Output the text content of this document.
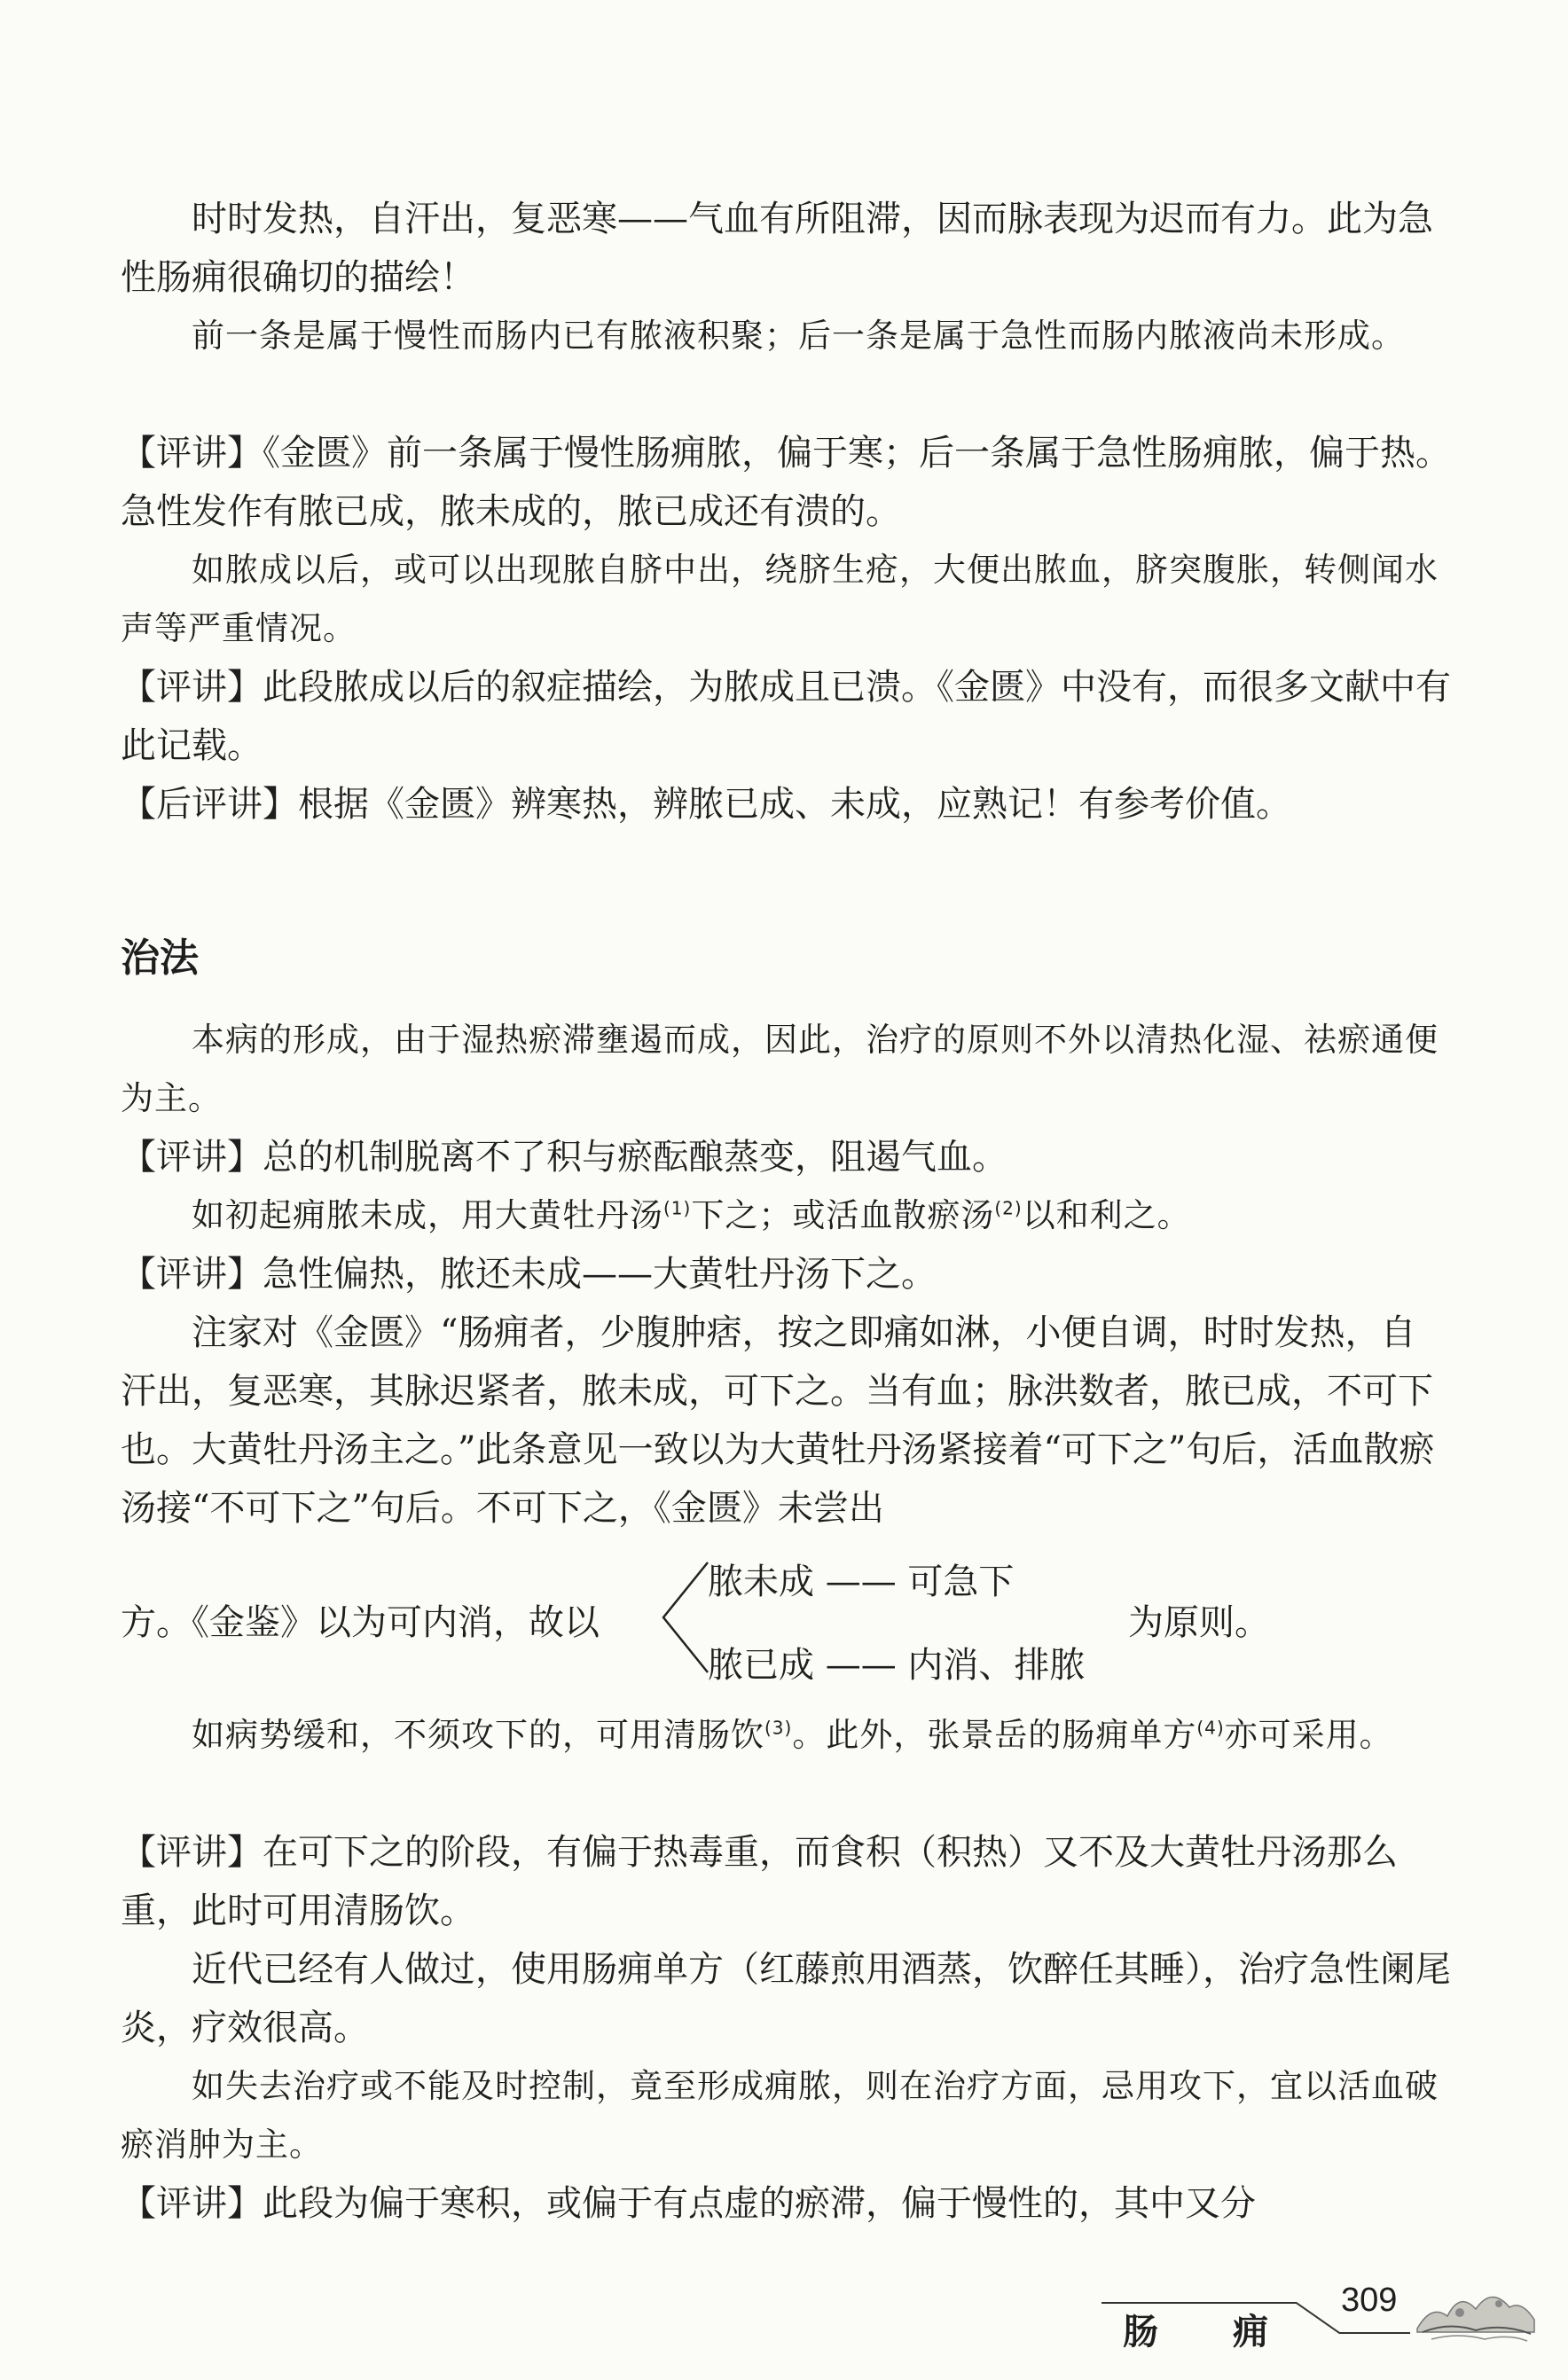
时时发热，自汗出，复恶寒——气血有所阻滞，因而脉表现为迟而有力。此为急性肠痈很确切的描绘！

前一条是属于慢性而肠内已有脓液积聚；后一条是属于急性而肠内脓液尚未形成。

【评讲】《金匮》前一条属于慢性肠痈脓，偏于寒；后一条属于急性肠痈脓，偏于热。急性发作有脓已成，脓未成的，脓已成还有溃的。

如脓成以后，或可以出现脓自脐中出，绕脐生疮，大便出脓血，脐突腹胀，转侧闻水声等严重情况。

【评讲】此段脓成以后的叙症描绘，为脓成且已溃。《金匮》中没有，而很多文献中有此记载。

【后评讲】根据《金匮》辨寒热，辨脓已成、未成，应熟记！有参考价值。

治法

本病的形成，由于湿热瘀滞壅遏而成，因此，治疗的原则不外以清热化湿、祛瘀通便为主。

【评讲】总的机制脱离不了积与瘀酝酿蒸变，阻遏气血。

如初起痈脓未成，用大黄牡丹汤$^{(1)}$下之；或活血散瘀汤$^{(2)}$以和利之。

【评讲】急性偏热，脓还未成——大黄牡丹汤下之。

注家对《金匮》“肠痈者，少腹肿痞，按之即痛如淋，小便自调，时时发热，自汗出，复恶寒，其脉迟紧者，脓未成，可下之。当有血；脉洪数者，脓已成，不可下也。大黄牡丹汤主之。”此条意见一致以为大黄牡丹汤紧接着“可下之”句后，活血散瘀汤接“不可下之”句后。不可下之，《金匮》未尝出

方。《金鉴》以为可内消，故以
脓未成 —— 可急下
脓已成 —— 内消、排脓
为原则。

如病势缓和，不须攻下的，可用清肠饮$^{(3)}$。此外，张景岳的肠痈单方$^{(4)}$亦可采用。

【评讲】在可下之的阶段，有偏于热毒重，而食积（积热）又不及大黄牡丹汤那么重，此时可用清肠饮。

近代已经有人做过，使用肠痈单方（红藤煎用酒蒸，饮醉任其睡），治疗急性阑尾炎，疗效很高。

如失去治疗或不能及时控制，竟至形成痈脓，则在治疗方面，忌用攻下，宜以活血破瘀消肿为主。

【评讲】此段为偏于寒积，或偏于有点虚的瘀滞，偏于慢性的，其中又分

肠 痈
309
